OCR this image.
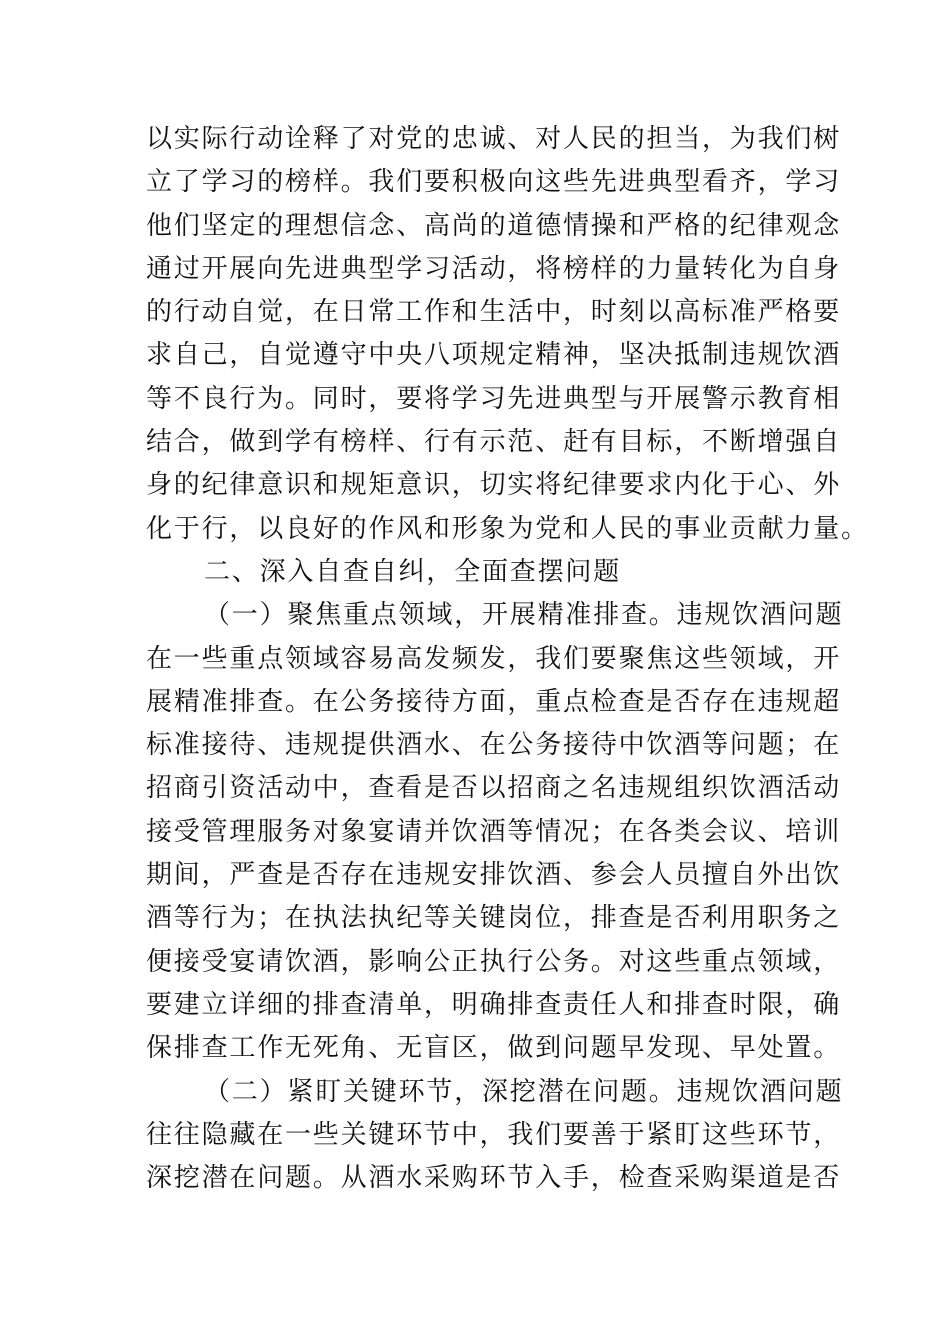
以实际行动诠释了对党的忠诚、对人民的担当，为我们树
立了学习的榜样。我们要积极向这些先进典型看齐，学习
他们坚定的理想信念、高尚的道德情操和严格的纪律观念
通过开展向先进典型学习活动，将榜样的力量转化为自身
的行动自觉，在日常工作和生活中，时刻以高标准严格要
求自己，自觉遵守中央八项规定精神，坚决抵制违规饮酒
等不良行为。同时，要将学习先进典型与开展警示教育相
结合，做到学有榜样、行有示范、赶有目标，不断增强自
身的纪律意识和规矩意识，切实将纪律要求内化于心、外
化于行，以良好的作风和形象为党和人民的事业贡献力量。
二、深入自查自纠，全面查摆问题
（一）聚焦重点领域，开展精准排查。违规饮酒问题
在一些重点领域容易高发频发，我们要聚焦这些领域，开
展精准排查。在公务接待方面，重点检查是否存在违规超
标准接待、违规提供酒水、在公务接待中饮酒等问题；在
招商引资活动中，查看是否以招商之名违规组织饮酒活动
接受管理服务对象宴请并饮酒等情况；在各类会议、培训
期间，严查是否存在违规安排饮酒、参会人员擅自外出饮
酒等行为；在执法执纪等关键岗位，排查是否利用职务之
便接受宴请饮酒，影响公正执行公务。对这些重点领域，
要建立详细的排查清单，明确排查责任人和排查时限，确
保排查工作无死角、无盲区，做到问题早发现、早处置。
（二）紧盯关键环节，深挖潜在问题。违规饮酒问题
往往隐藏在一些关键环节中，我们要善于紧盯这些环节，
深挖潜在问题。从酒水采购环节入手，检查采购渠道是否
